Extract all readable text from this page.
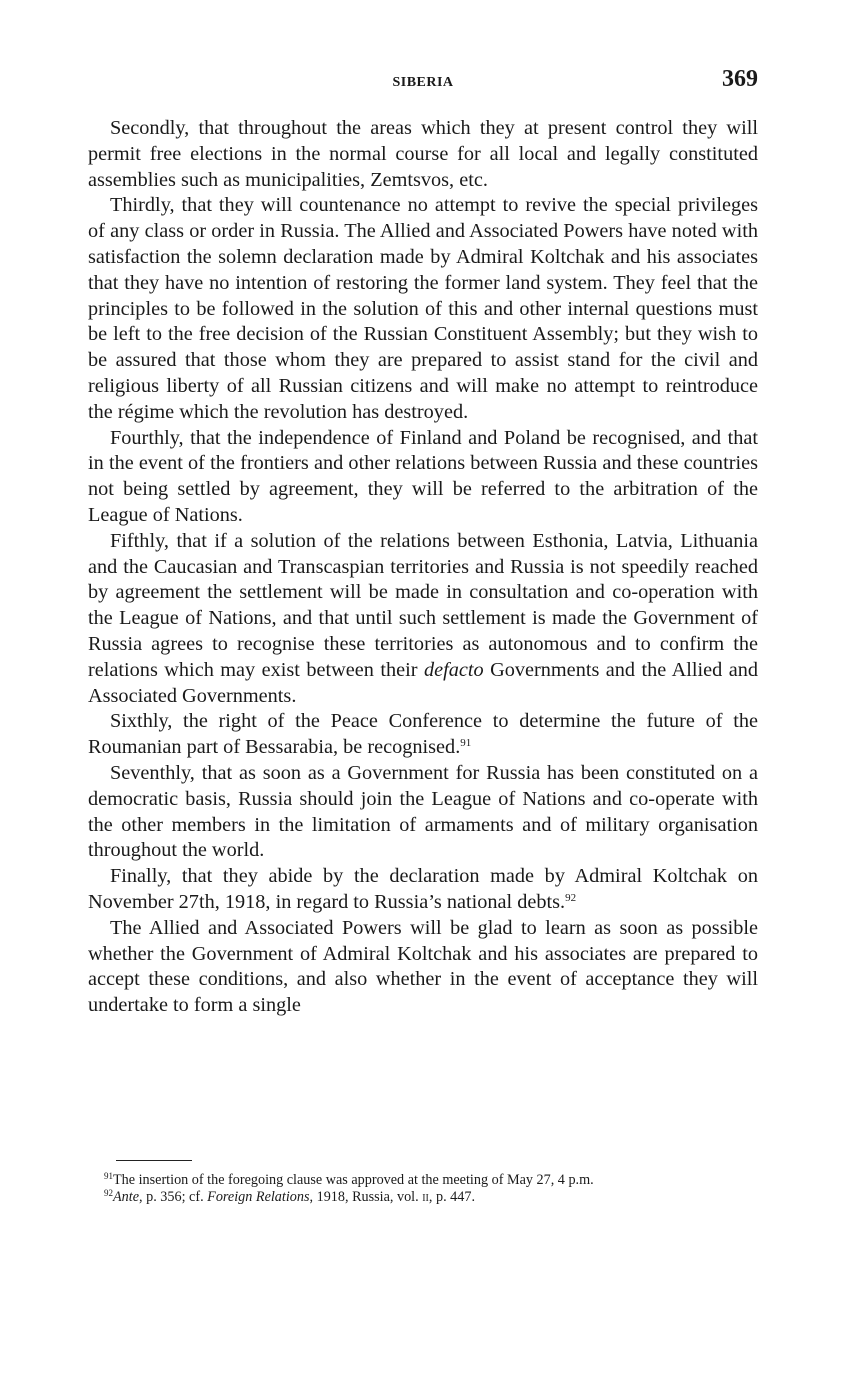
SIBERIA	369

Secondly, that throughout the areas which they at present control they will permit free elections in the normal course for all local and legally constituted assemblies such as municipalities, Zemtsvos, etc.

Thirdly, that they will countenance no attempt to revive the special privileges of any class or order in Russia. The Allied and Associated Powers have noted with satisfaction the solemn declaration made by Admiral Koltchak and his associates that they have no intention of restoring the former land system. They feel that the principles to be followed in the solution of this and other internal questions must be left to the free decision of the Russian Constituent Assembly; but they wish to be assured that those whom they are prepared to assist stand for the civil and religious liberty of all Russian citizens and will make no attempt to reintroduce the régime which the revolution has destroyed.

Fourthly, that the independence of Finland and Poland be recognised, and that in the event of the frontiers and other relations between Russia and these countries not being settled by agreement, they will be referred to the arbitration of the League of Nations.

Fifthly, that if a solution of the relations between Esthonia, Latvia, Lithuania and the Caucasian and Transcaspian territories and Russia is not speedily reached by agreement the settlement will be made in consultation and co-operation with the League of Nations, and that until such settlement is made the Government of Russia agrees to recognise these territories as autonomous and to confirm the relations which may exist between their defacto Governments and the Allied and Associated Governments.

Sixthly, the right of the Peace Conference to determine the future of the Roumanian part of Bessarabia, be recognised.$^{91}$

Seventhly, that as soon as a Government for Russia has been constituted on a democratic basis, Russia should join the League of Nations and co-operate with the other members in the limitation of armaments and of military organisation throughout the world.

Finally, that they abide by the declaration made by Admiral Koltchak on November 27th, 1918, in regard to Russia’s national debts.$^{92}$

The Allied and Associated Powers will be glad to learn as soon as possible whether the Government of Admiral Koltchak and his associates are prepared to accept these conditions, and also whether in the event of acceptance they will undertake to form a single

$^{91}$The insertion of the foregoing clause was approved at the meeting of May 27, 4 p.m.

$^{92}$Ante, p. 356; cf. Foreign Relations, 1918, Russia, vol. ii, p. 447.
